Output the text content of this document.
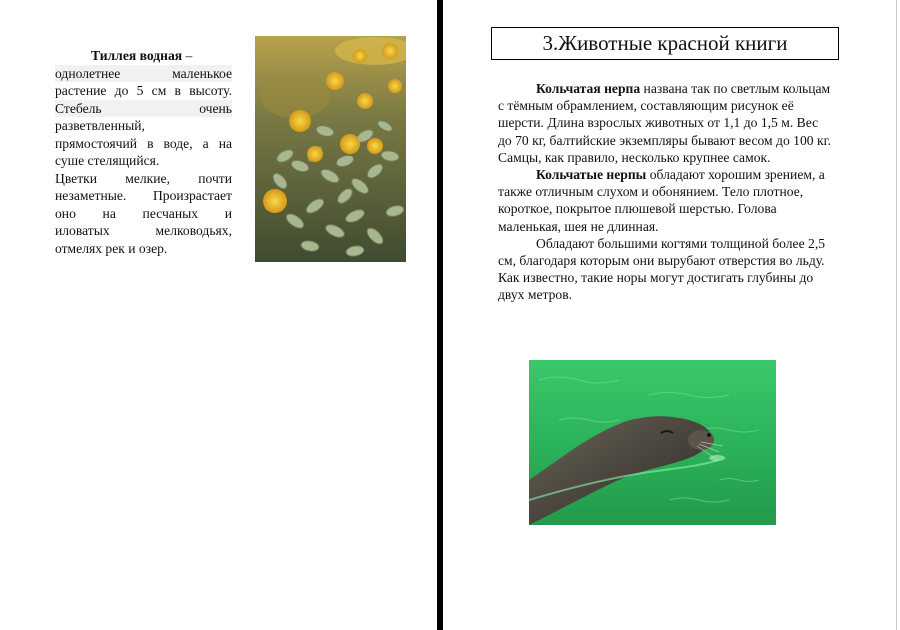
Тиллея водная –

однолетнее маленькое

растение до 5 см в высоту.

Стебель очень

разветвленный,

прямостоячий в воде, а на

суше стелящийся.

Цветки мелкие, почти

незаметные. Произрастает

оно на песчаных и

иловатых мелководьях,

отмелях рек и озер.

3.Животные красной книги

Кольчатая нерпа названа так по светлым кольцам с тёмным обрамлением, составляющим рисунок её шерсти. Длина взрослых животных от 1,1 до 1,5 м. Вес до 70 кг, балтийские экземпляры бывают весом до 100 кг. Самцы, как правило, несколько крупнее самок.

Кольчатые нерпы обладают хорошим зрением, а также отличным слухом и обонянием. Тело плотное, короткое, покрытое плюшевой шерстью. Голова маленькая, шея не длинная.

Обладают большими когтями толщиной более 2,5 см, благодаря которым они вырубают отверстия во льду. Как известно, такие норы могут достигать глубины до двух метров.
